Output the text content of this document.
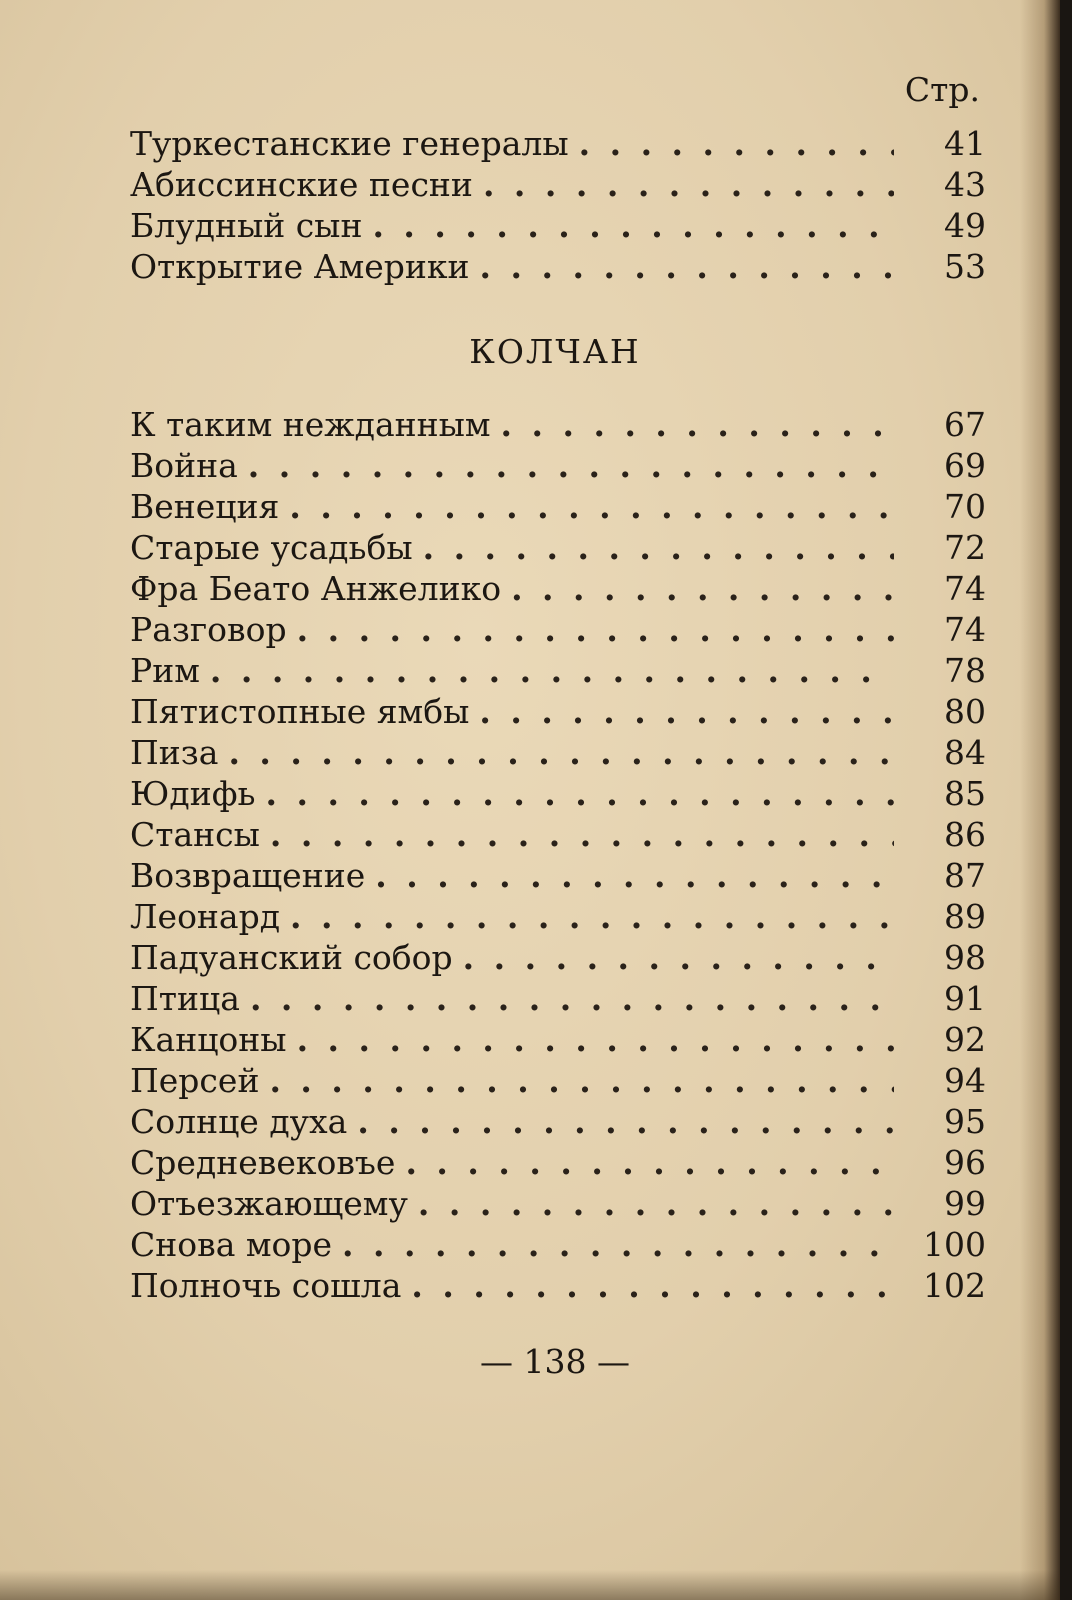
Стр.
Туркестанские генералы . . .	41
Абиссинские песни . . .	43
Блудный сын . . .	49
Открытие Америки . . .	53
КОЛЧАН
К таким нежданным . . .	67
Война . . .	69
Венеция . . .	70
Старые усадьбы . . .	72
Фра Беато Анжелико . . .	74
Разговор . . .	74
Рим . . .	78
Пятистопные ямбы . . .	80
Пиза . . .	84
Юдифь . . .	85
Стансы . . .	86
Возвращение . . .	87
Леонард . . .	89
Падуанский собор . . .	98
Птица . . .	91
Канцоны . . .	92
Персей . . .	94
Солнце духа . . .	95
Средневековъе . . .	96
Отъезжающему . . .	99
Снова море . . .	100
Полночь сошла . . .	102
— 138 —
